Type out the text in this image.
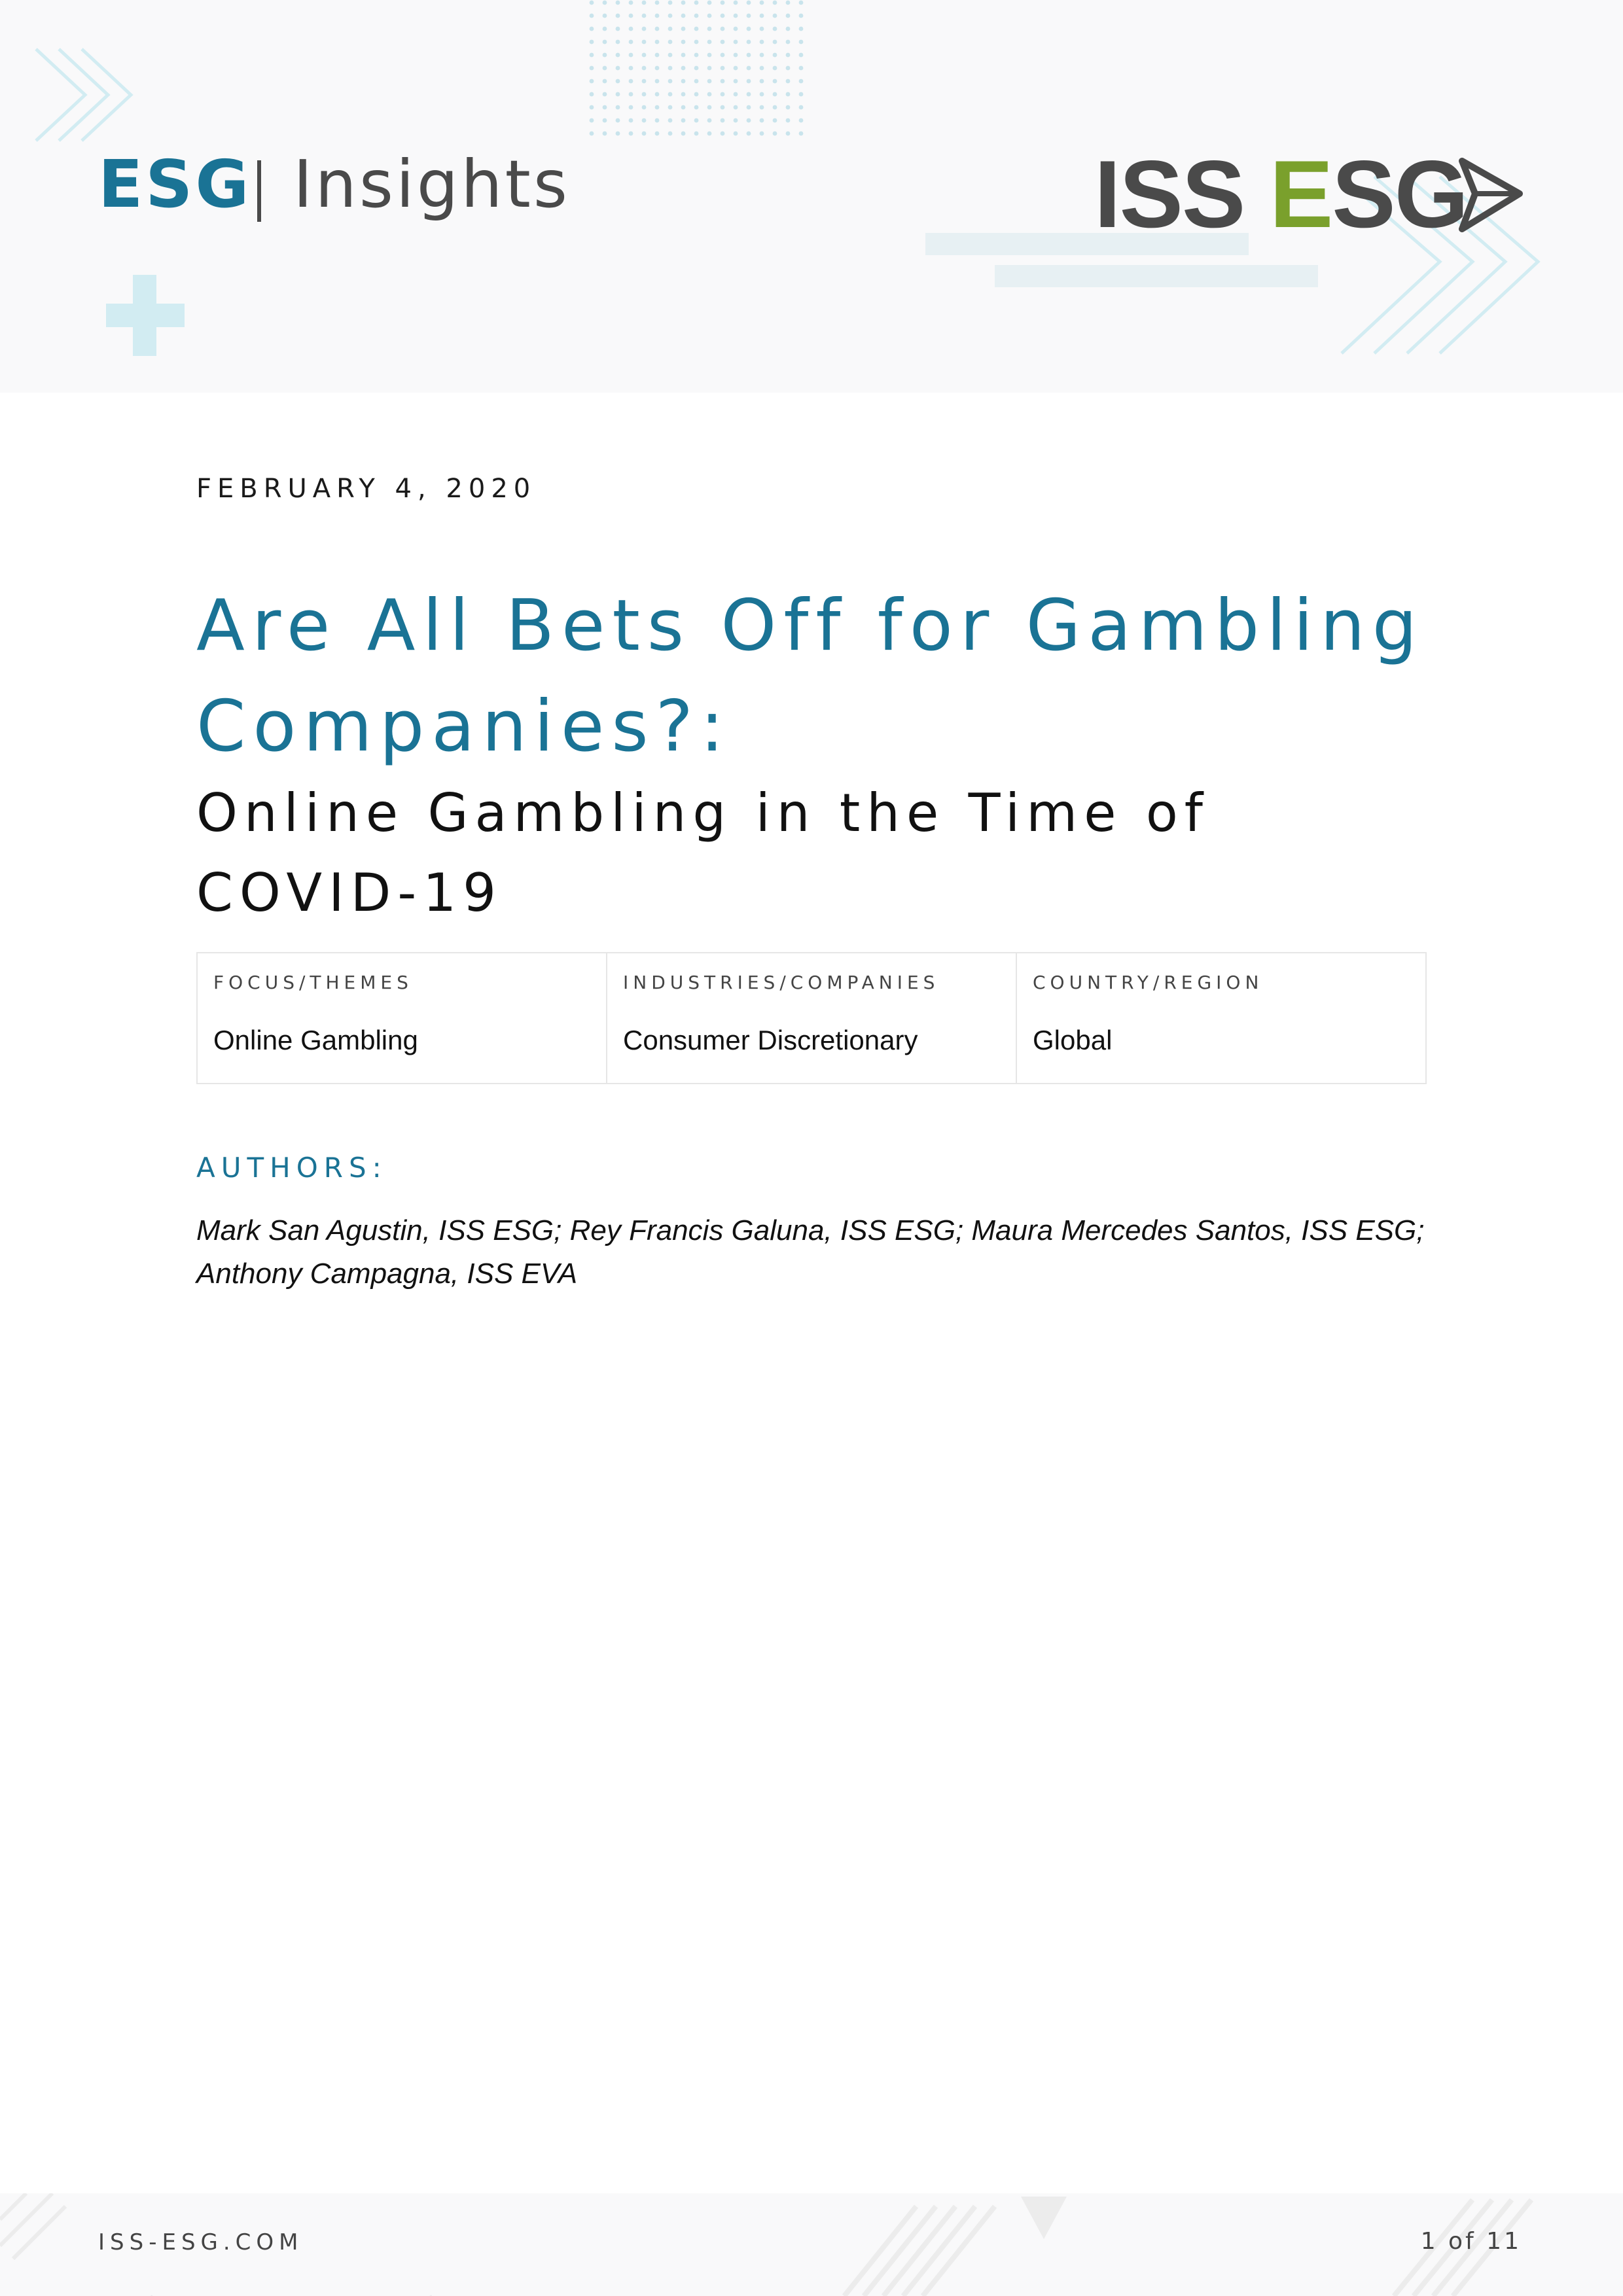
ESG Insights	ISS ESG
FEBRUARY 4, 2020
Are All Bets Off for Gambling Companies?:
Online Gambling in the Time of COVID-19
FOCUS/THEMES
Online Gambling
INDUSTRIES/COMPANIES
Consumer Discretionary
COUNTRY/REGION
Global
AUTHORS:

Mark San Agustin, ISS ESG; Rey Francis Galuna, ISS ESG; Maura Mercedes Santos, ISS ESG; Anthony Campagna, ISS EVA

ISS-ESG.COM	1 of 11
